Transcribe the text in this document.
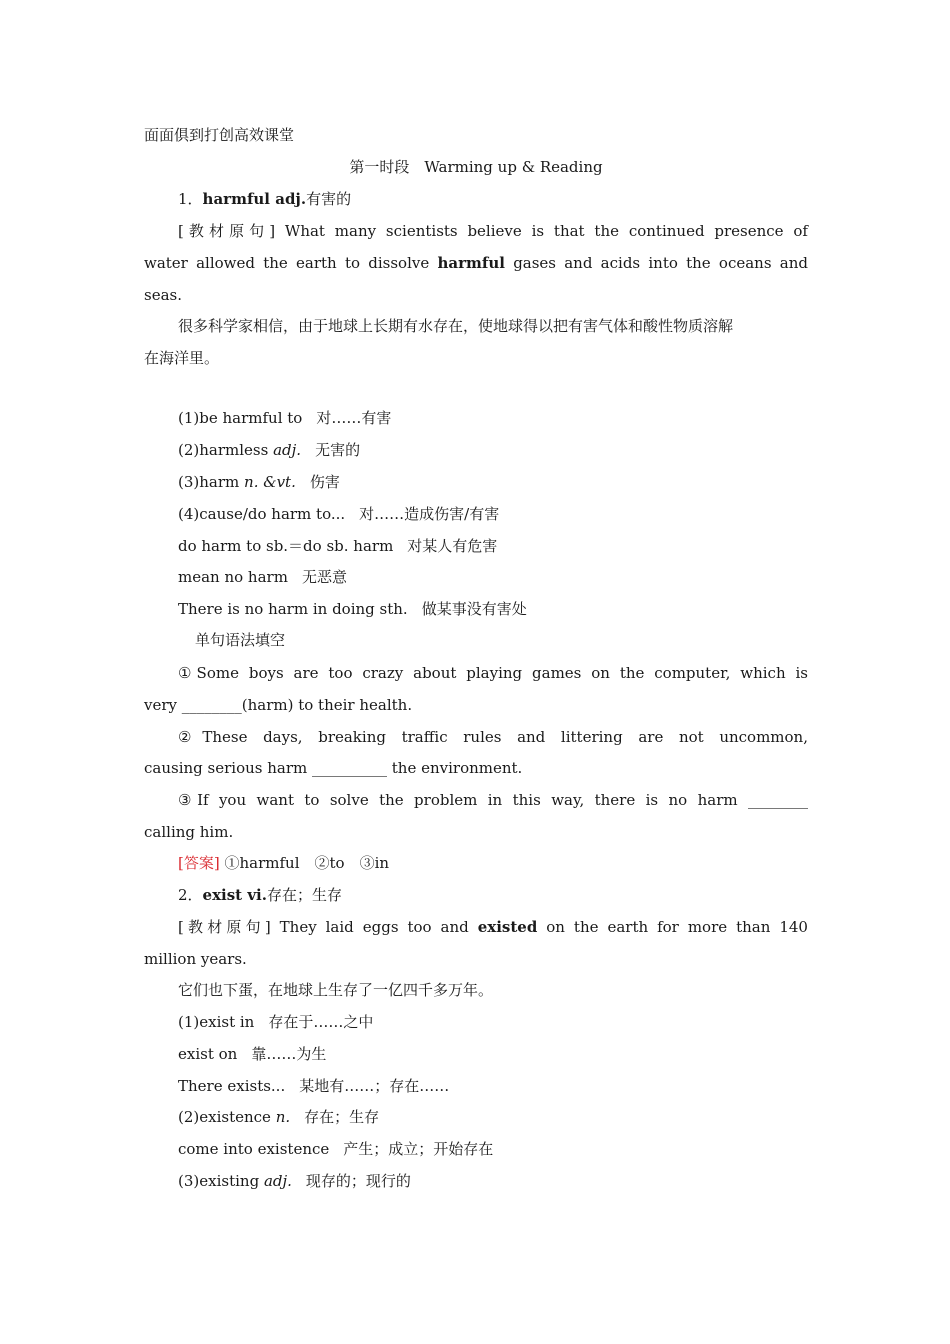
面面俱到打创高效课堂
第一时段　Warming up & Reading
1．harmful adj.有害的
[教材原句] What many scientists believe is that the continued presence of
water allowed the earth to dissolve harmful gases and acids into the oceans and
seas.
很多科学家相信，由于地球上长期有水存在，使地球得以把有害气体和酸性物质溶解
在海洋里。
(1)be harmful to 对……有害
(2)harmless adj. 无害的
(3)harm n. &vt. 伤害
(4)cause/do harm to... 对……造成伤害/有害
do harm to sb.＝do sb. harm 对某人有危害
mean no harm 无恶意
There is no harm in doing sth. 做某事没有害处
单句语法填空
①Some boys are too crazy about playing games on the computer, which is
very ________(harm) to their health.
②These days, breaking traffic rules and littering are not uncommon,
causing serious harm __________ the environment.
③If you want to solve the problem in this way, there is no harm ________
calling him.
[答案] ①harmful　②to　③in
2．exist vi.存在；生存
[教材原句] They laid eggs too and existed on the earth for more than 140
million years.
它们也下蛋，在地球上生存了一亿四千多万年。
(1)exist in 存在于……之中
exist on 靠……为生
There exists... 某地有……；存在……
(2)existence n. 存在；生存
come into existence 产生；成立；开始存在
(3)existing adj. 现存的；现行的
